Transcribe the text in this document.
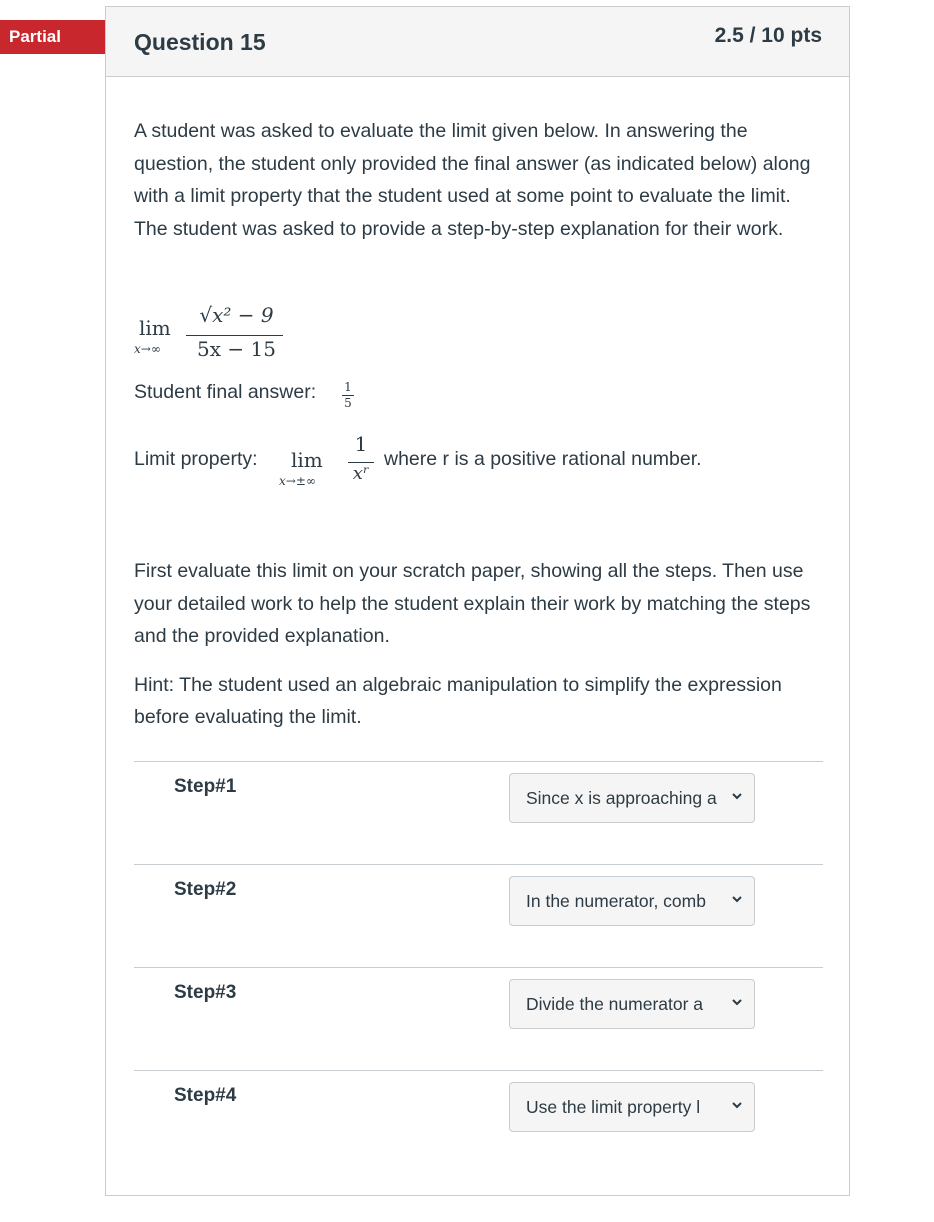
Partial	Question 15	2.5 / 10 pts

A student was asked to evaluate the limit given below. In answering the question, the student only provided the final answer (as indicated below) along with a limit property that the student used at some point to evaluate the limit. The student was asked to provide a step-by-step explanation for their work.

lim
x→∞
√x² − 9
5x − 15
Student final answer: 1
5
Limit property: lim
x→±∞
1
xʳ
where r is a positive rational number.

First evaluate this limit on your scratch paper, showing all the steps. Then use your detailed work to help the student explain their work by matching the steps and the provided explanation.

Hint: The student used an algebraic manipulation to simplify the expression before evaluating the limit.

Step#1
Since x is approaching a
Step#2
In the numerator, comb
Step#3
Divide the numerator a
Step#4
Use the limit property l
